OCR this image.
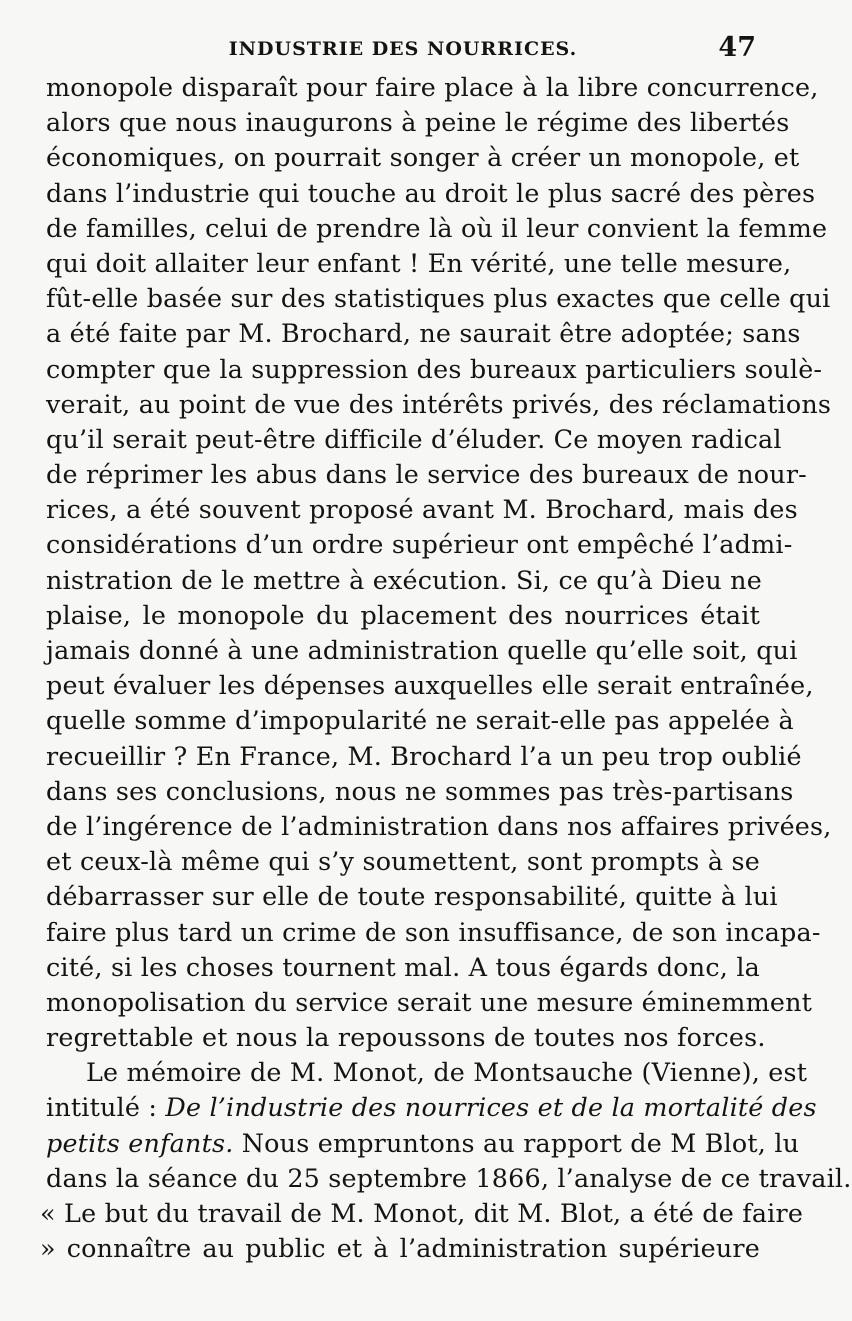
INDUSTRIE DES NOURRICES.	47
monopole disparaît pour faire place à la libre concurrence,
alors que nous inaugurons à peine le régime des libertés
économiques, on pourrait songer à créer un monopole, et
dans l’industrie qui touche au droit le plus sacré des pères
de familles, celui de prendre là où il leur convient la femme
qui doit allaiter leur enfant ! En vérité, une telle mesure,
fût-elle basée sur des statistiques plus exactes que celle qui
a été faite par M. Brochard, ne saurait être adoptée; sans
compter que la suppression des bureaux particuliers soulè-
verait, au point de vue des intérêts privés, des réclamations
qu’il serait peut-être difficile d’éluder. Ce moyen radical
de réprimer les abus dans le service des bureaux de nour-
rices, a été souvent proposé avant M. Brochard, mais des
considérations d’un ordre supérieur ont empêché l’admi-
nistration de le mettre à exécution. Si, ce qu’à Dieu ne
plaise, le monopole du placement des nourrices était
jamais donné à une administration quelle qu’elle soit, qui
peut évaluer les dépenses auxquelles elle serait entraînée,
quelle somme d’impopularité ne serait-elle pas appelée à
recueillir ? En France, M. Brochard l’a un peu trop oublié
dans ses conclusions, nous ne sommes pas très-partisans
de l’ingérence de l’administration dans nos affaires privées,
et ceux-là même qui s’y soumettent, sont prompts à se
débarrasser sur elle de toute responsabilité, quitte à lui
faire plus tard un crime de son insuffisance, de son incapa-
cité, si les choses tournent mal. A tous égards donc, la
monopolisation du service serait une mesure éminemment
regrettable et nous la repoussons de toutes nos forces.
Le mémoire de M. Monot, de Montsauche (Vienne), est
intitulé : De l’industrie des nourrices et de la mortalité des
petits enfants. Nous empruntons au rapport de M Blot, lu
dans la séance du 25 septembre 1866, l’analyse de ce travail.
« Le but du travail de M. Monot, dit M. Blot, a été de faire
» connaître au public et à l’administration supérieure
